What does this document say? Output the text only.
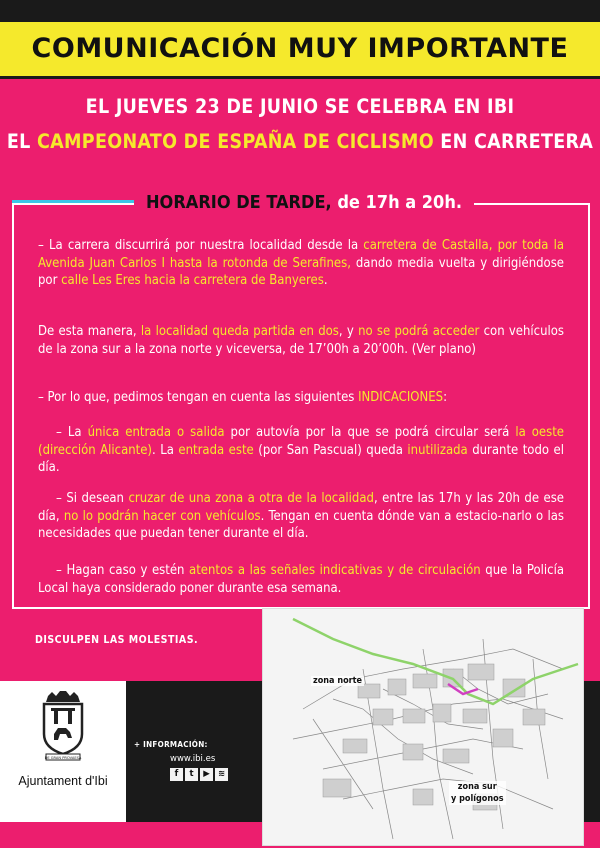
COMUNICACIÓN MUY IMPORTANTE
EL JUEVES 23 DE JUNIO SE CELEBRA EN IBI
EL CAMPEONATO DE ESPAÑA DE CICLISMO EN CARRETERA
HORARIO DE TARDE, de 17h a 20h.
– La carrera discurrirá por nuestra localidad desde la carretera de Castalla, por toda la Avenida Juan Carlos I hasta la rotonda de Serafines, dando media vuelta y dirigiéndose por calle Les Eres hacia la carretera de Banyeres.
De esta manera, la localidad queda partida en dos, y no se podrá acceder con vehículos de la zona sur a la zona norte y viceversa, de 17’00h a 20’00h. (Ver plano)
– Por lo que, pedimos tengan en cuenta las siguientes INDICACIONES:
– La única entrada o salida por autovía por la que se podrá circular será la oeste (dirección Alicante). La entrada este (por San Pascual) queda inutilizada durante todo el día.
– Si desean cruzar de una zona a otra de la localidad, entre las 17h y las 20h de ese día, no lo podrán hacer con vehículos. Tengan en cuenta dónde van a estacio-narlo o las necesidades que puedan tener durante el día.
– Hagan caso y estén atentos a las señales indicativas y de circulación que la Policía Local haya considerado poner durante esa semana.
DISCULPEN LAS MOLESTIAS.
DE GRAN PROVAESA
Ajuntament d'Ibi
+ INFORMACIÓN:
www.ibi.es
f	t	▶ ≋
zona norte
zona sur
y polígonos
